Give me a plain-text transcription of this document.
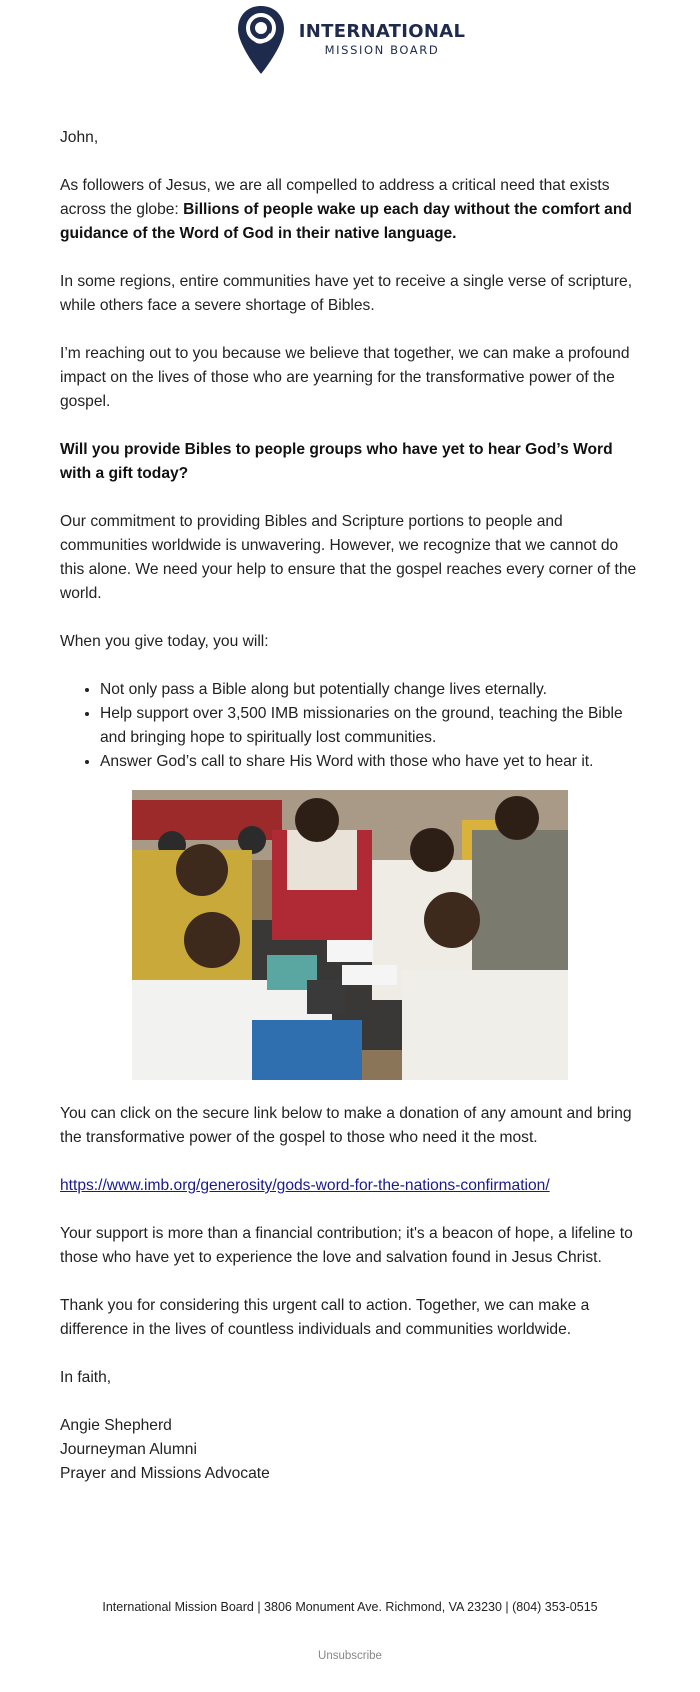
INTERNATIONAL
MISSION BOARD

John,

As followers of Jesus, we are all compelled to address a critical need that exists across the globe: Billions of people wake up each day without the comfort and guidance of the Word of God in their native language.

In some regions, entire communities have yet to receive a single verse of scripture, while others face a severe shortage of Bibles.

I’m reaching out to you because we believe that together, we can make a profound impact on the lives of those who are yearning for the transformative power of the gospel.

Will you provide Bibles to people groups who have yet to hear God’s Word with a gift today?

Our commitment to providing Bibles and Scripture portions to people and communities worldwide is unwavering. However, we recognize that we cannot do this alone. We need your help to ensure that the gospel reaches every corner of the world.

When you give today, you will:

• Not only pass a Bible along but potentially change lives eternally.
• Help support over 3,500 IMB missionaries on the ground, teaching the Bible and bringing hope to spiritually lost communities.
• Answer God’s call to share His Word with those who have yet to hear it.

You can click on the secure link below to make a donation of any amount and bring the transformative power of the gospel to those who need it the most.

https://www.imb.org/generosity/gods-word-for-the-nations-confirmation/

Your support is more than a financial contribution; it's a beacon of hope, a lifeline to those who have yet to experience the love and salvation found in Jesus Christ.

Thank you for considering this urgent call to action. Together, we can make a difference in the lives of countless individuals and communities worldwide.

In faith,

Angie Shepherd

Journeyman Alumni

Prayer and Missions Advocate

International Mission Board | 3806 Monument Ave. Richmond, VA 23230 | (804) 353-0515
Unsubscribe
